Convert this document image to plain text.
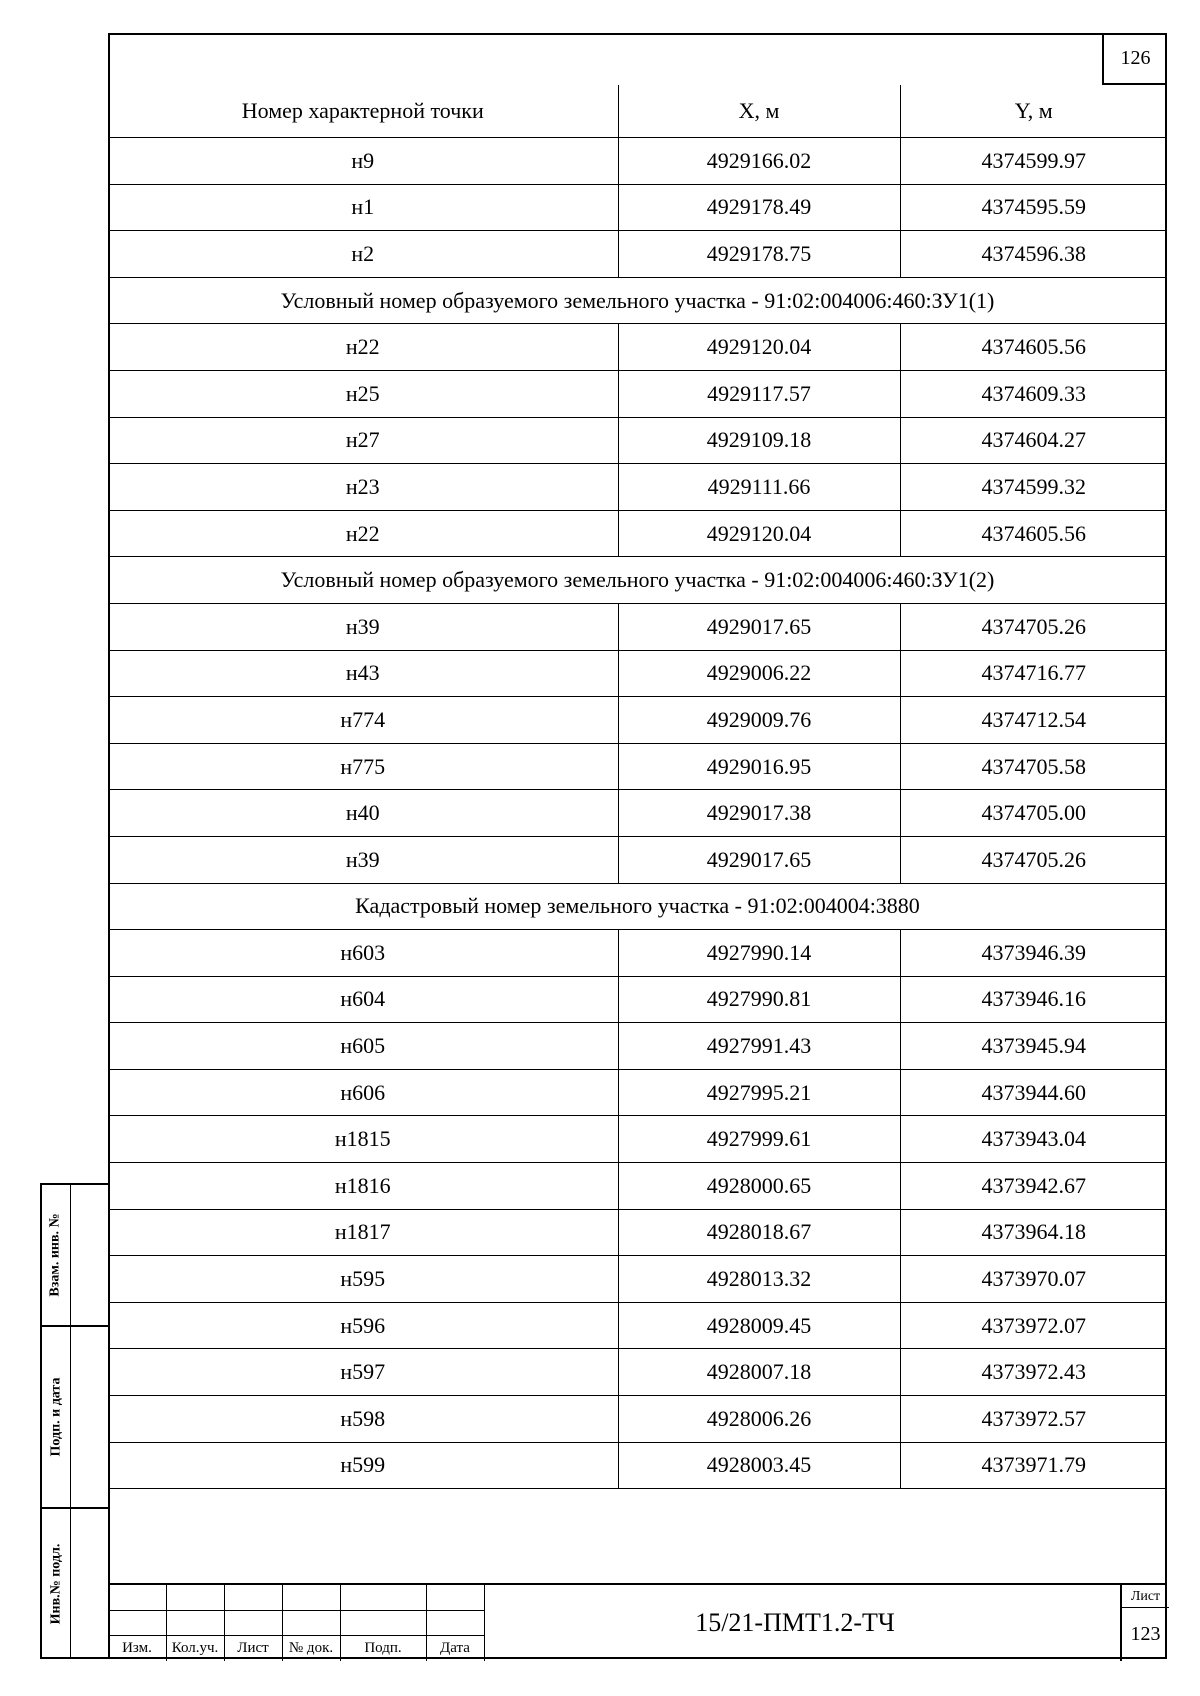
126
Номер характерной точки	X, м	Y, м
н9	4929166.02	4374599.97
н1	4929178.49	4374595.59
н2	4929178.75	4374596.38
Условный номер образуемого земельного участка - 91:02:004006:460:ЗУ1(1)		
н22	4929120.04	4374605.56
н25	4929117.57	4374609.33
н27	4929109.18	4374604.27
н23	4929111.66	4374599.32
н22	4929120.04	4374605.56
Условный номер образуемого земельного участка - 91:02:004006:460:ЗУ1(2)		
н39	4929017.65	4374705.26
н43	4929006.22	4374716.77
н774	4929009.76	4374712.54
н775	4929016.95	4374705.58
н40	4929017.38	4374705.00
н39	4929017.65	4374705.26
Кадастровый номер земельного участка - 91:02:004004:3880		
н603	4927990.14	4373946.39
н604	4927990.81	4373946.16
н605	4927991.43	4373945.94
н606	4927995.21	4373944.60
н1815	4927999.61	4373943.04
н1816	4928000.65	4373942.67
н1817	4928018.67	4373964.18
н595	4928013.32	4373970.07
н596	4928009.45	4373972.07
н597	4928007.18	4373972.43
н598	4928006.26	4373972.57
н599	4928003.45	4373971.79
Взам. инв. №
Подп. и дата
Инв.№ подл.
Изм.	Кол.уч.	Лист	№ док.	Подп.	Дата
15/21-ПМТ1.2-ТЧ
Лист
123
